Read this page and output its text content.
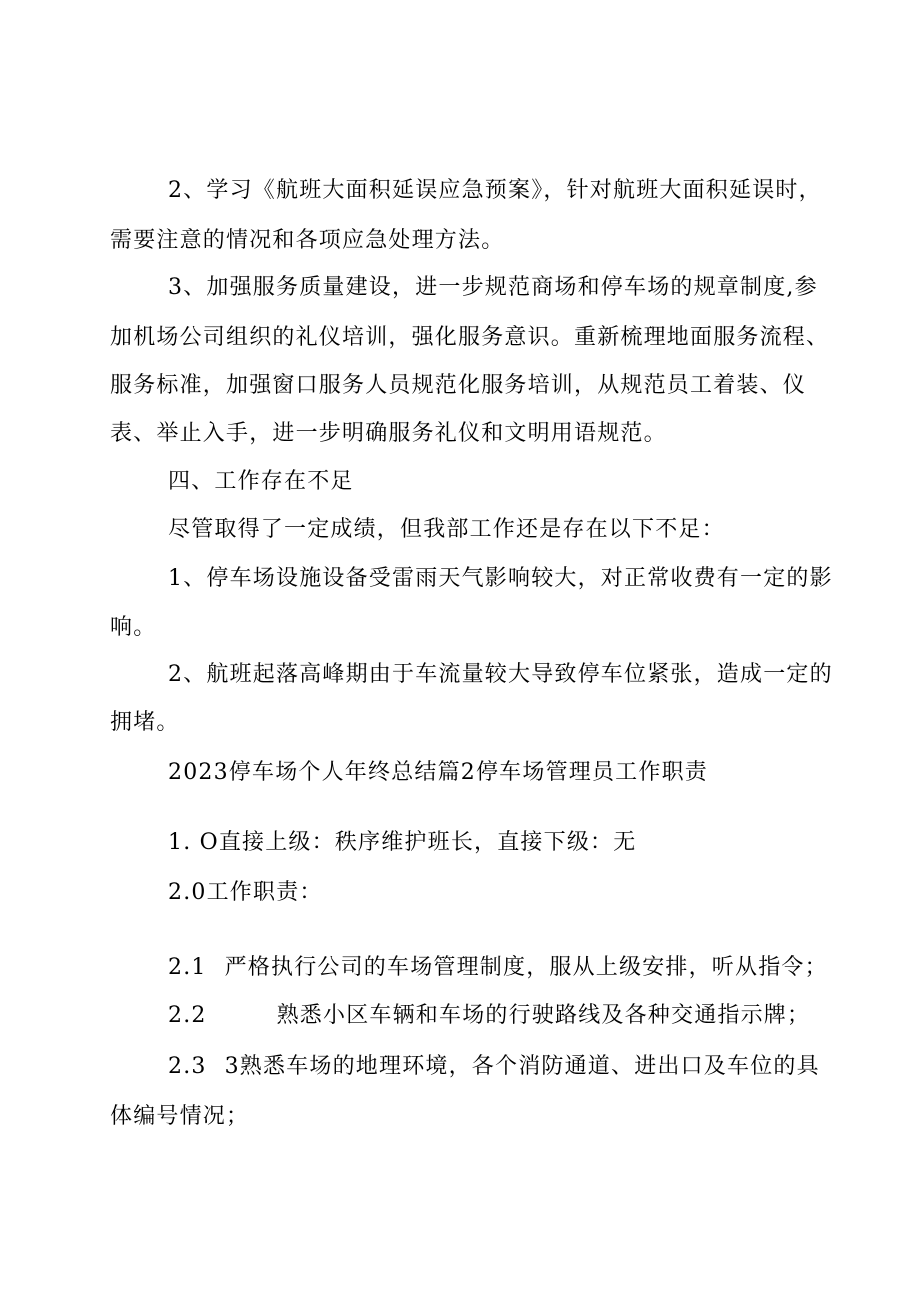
2、学习《航班大面积延误应急预案》，针对航班大面积延误时，
需要注意的情况和各项应急处理方法。
3、加强服务质量建设，进一步规范商场和停车场的规章制度,参
加机场公司组织的礼仪培训，强化服务意识。重新梳理地面服务流程、
服务标准，加强窗口服务人员规范化服务培训，从规范员工着装、仪
表、举止入手，进一步明确服务礼仪和文明用语规范。
四、工作存在不足
尽管取得了一定成绩，但我部工作还是存在以下不足：
1、停车场设施设备受雷雨天气影响较大，对正常收费有一定的影
响。
2、航班起落高峰期由于车流量较大导致停车位紧张，造成一定的
拥堵。
2023停车场个人年终总结篇2停车场管理员工作职责
1. O直接上级：秩序维护班长，直接下级：无
2.0工作职责：
2.1 严格执行公司的车场管理制度，服从上级安排，听从指令；
2.2	熟悉小区车辆和车场的行驶路线及各种交通指示牌；
2.3 3熟悉车场的地理环境，各个消防通道、进出口及车位的具
体编号情况；
